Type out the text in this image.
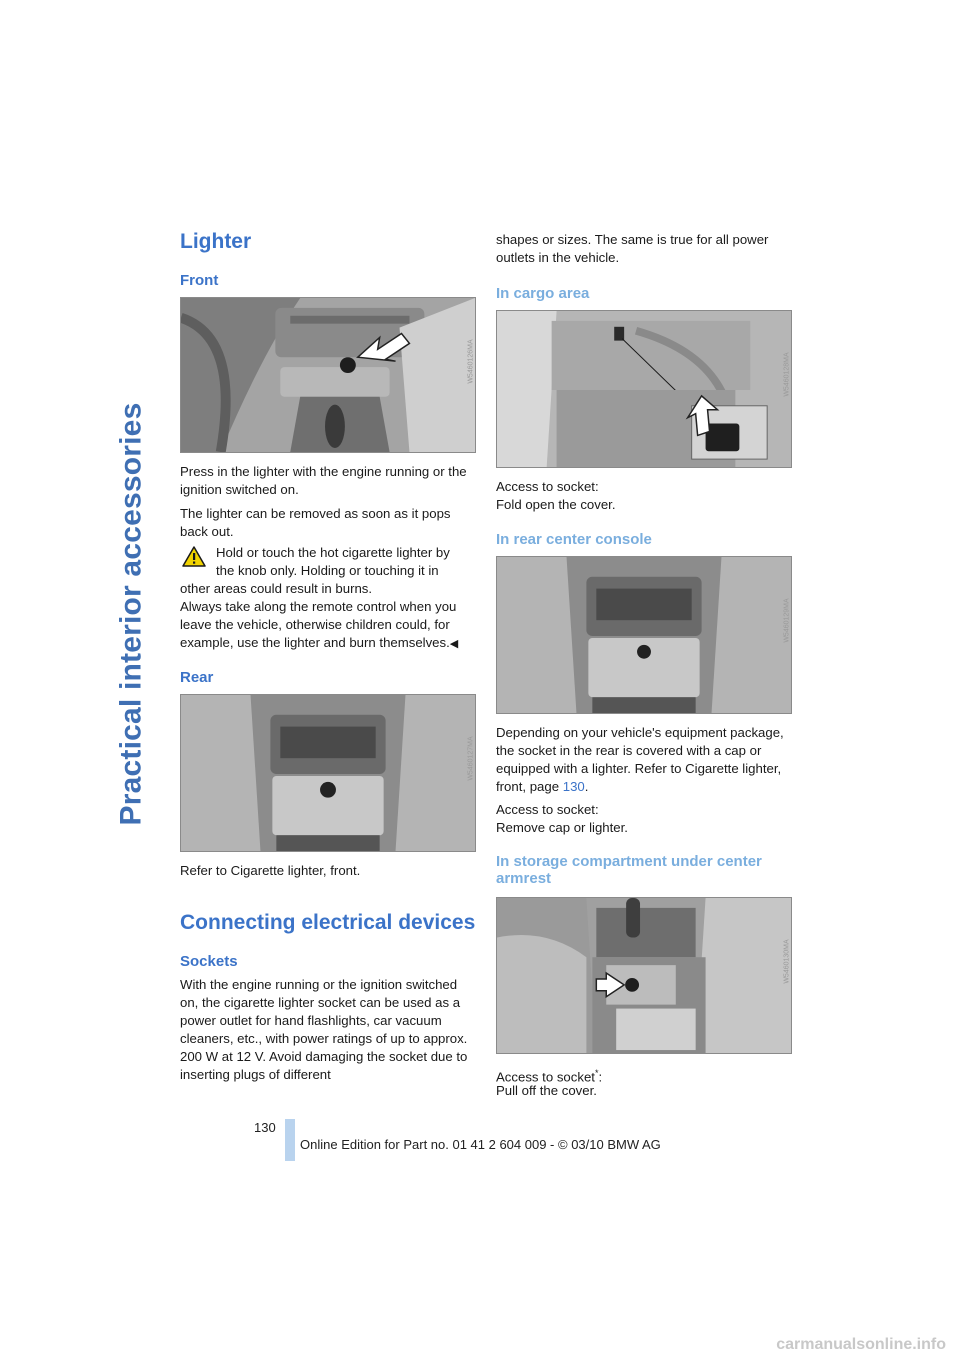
Practical interior accessories
Lighter
Front
W5460126MA

Press in the lighter with the engine running or the ignition switched on.

The lighter can be removed as soon as it pops back out.

Hold or touch the hot cigarette lighter by

the knob only. Holding or touching it in

other areas could result in burns.

Always take along the remote control when you leave the vehicle, otherwise children could, for example, use the lighter and burn themselves.◀

Rear
W5460127MA

Refer to Cigarette lighter, front.

Connecting electrical devices
Sockets

With the engine running or the ignition switched on, the cigarette lighter socket can be used as a power outlet for hand flashlights, car vacuum cleaners, etc., with power ratings of up to approx. 200 W at 12 V. Avoid damaging the socket due to inserting plugs of different

shapes or sizes. The same is true for all power outlets in the vehicle.

In cargo area
W5460128MA

Access to socket:

Fold open the cover.

In rear center console
W5460129MA

Depending on your vehicle's equipment package, the socket in the rear is covered with a cap or equipped with a lighter. Refer to Cigarette lighter, front, page 130.

Access to socket:

Remove cap or lighter.

In storage compartment under center
armrest
W5460130MA

Access to socket*:

Pull off the cover.

130
Online Edition for Part no. 01 41 2 604 009 - © 03/10 BMW AG
carmanualsonline.info
